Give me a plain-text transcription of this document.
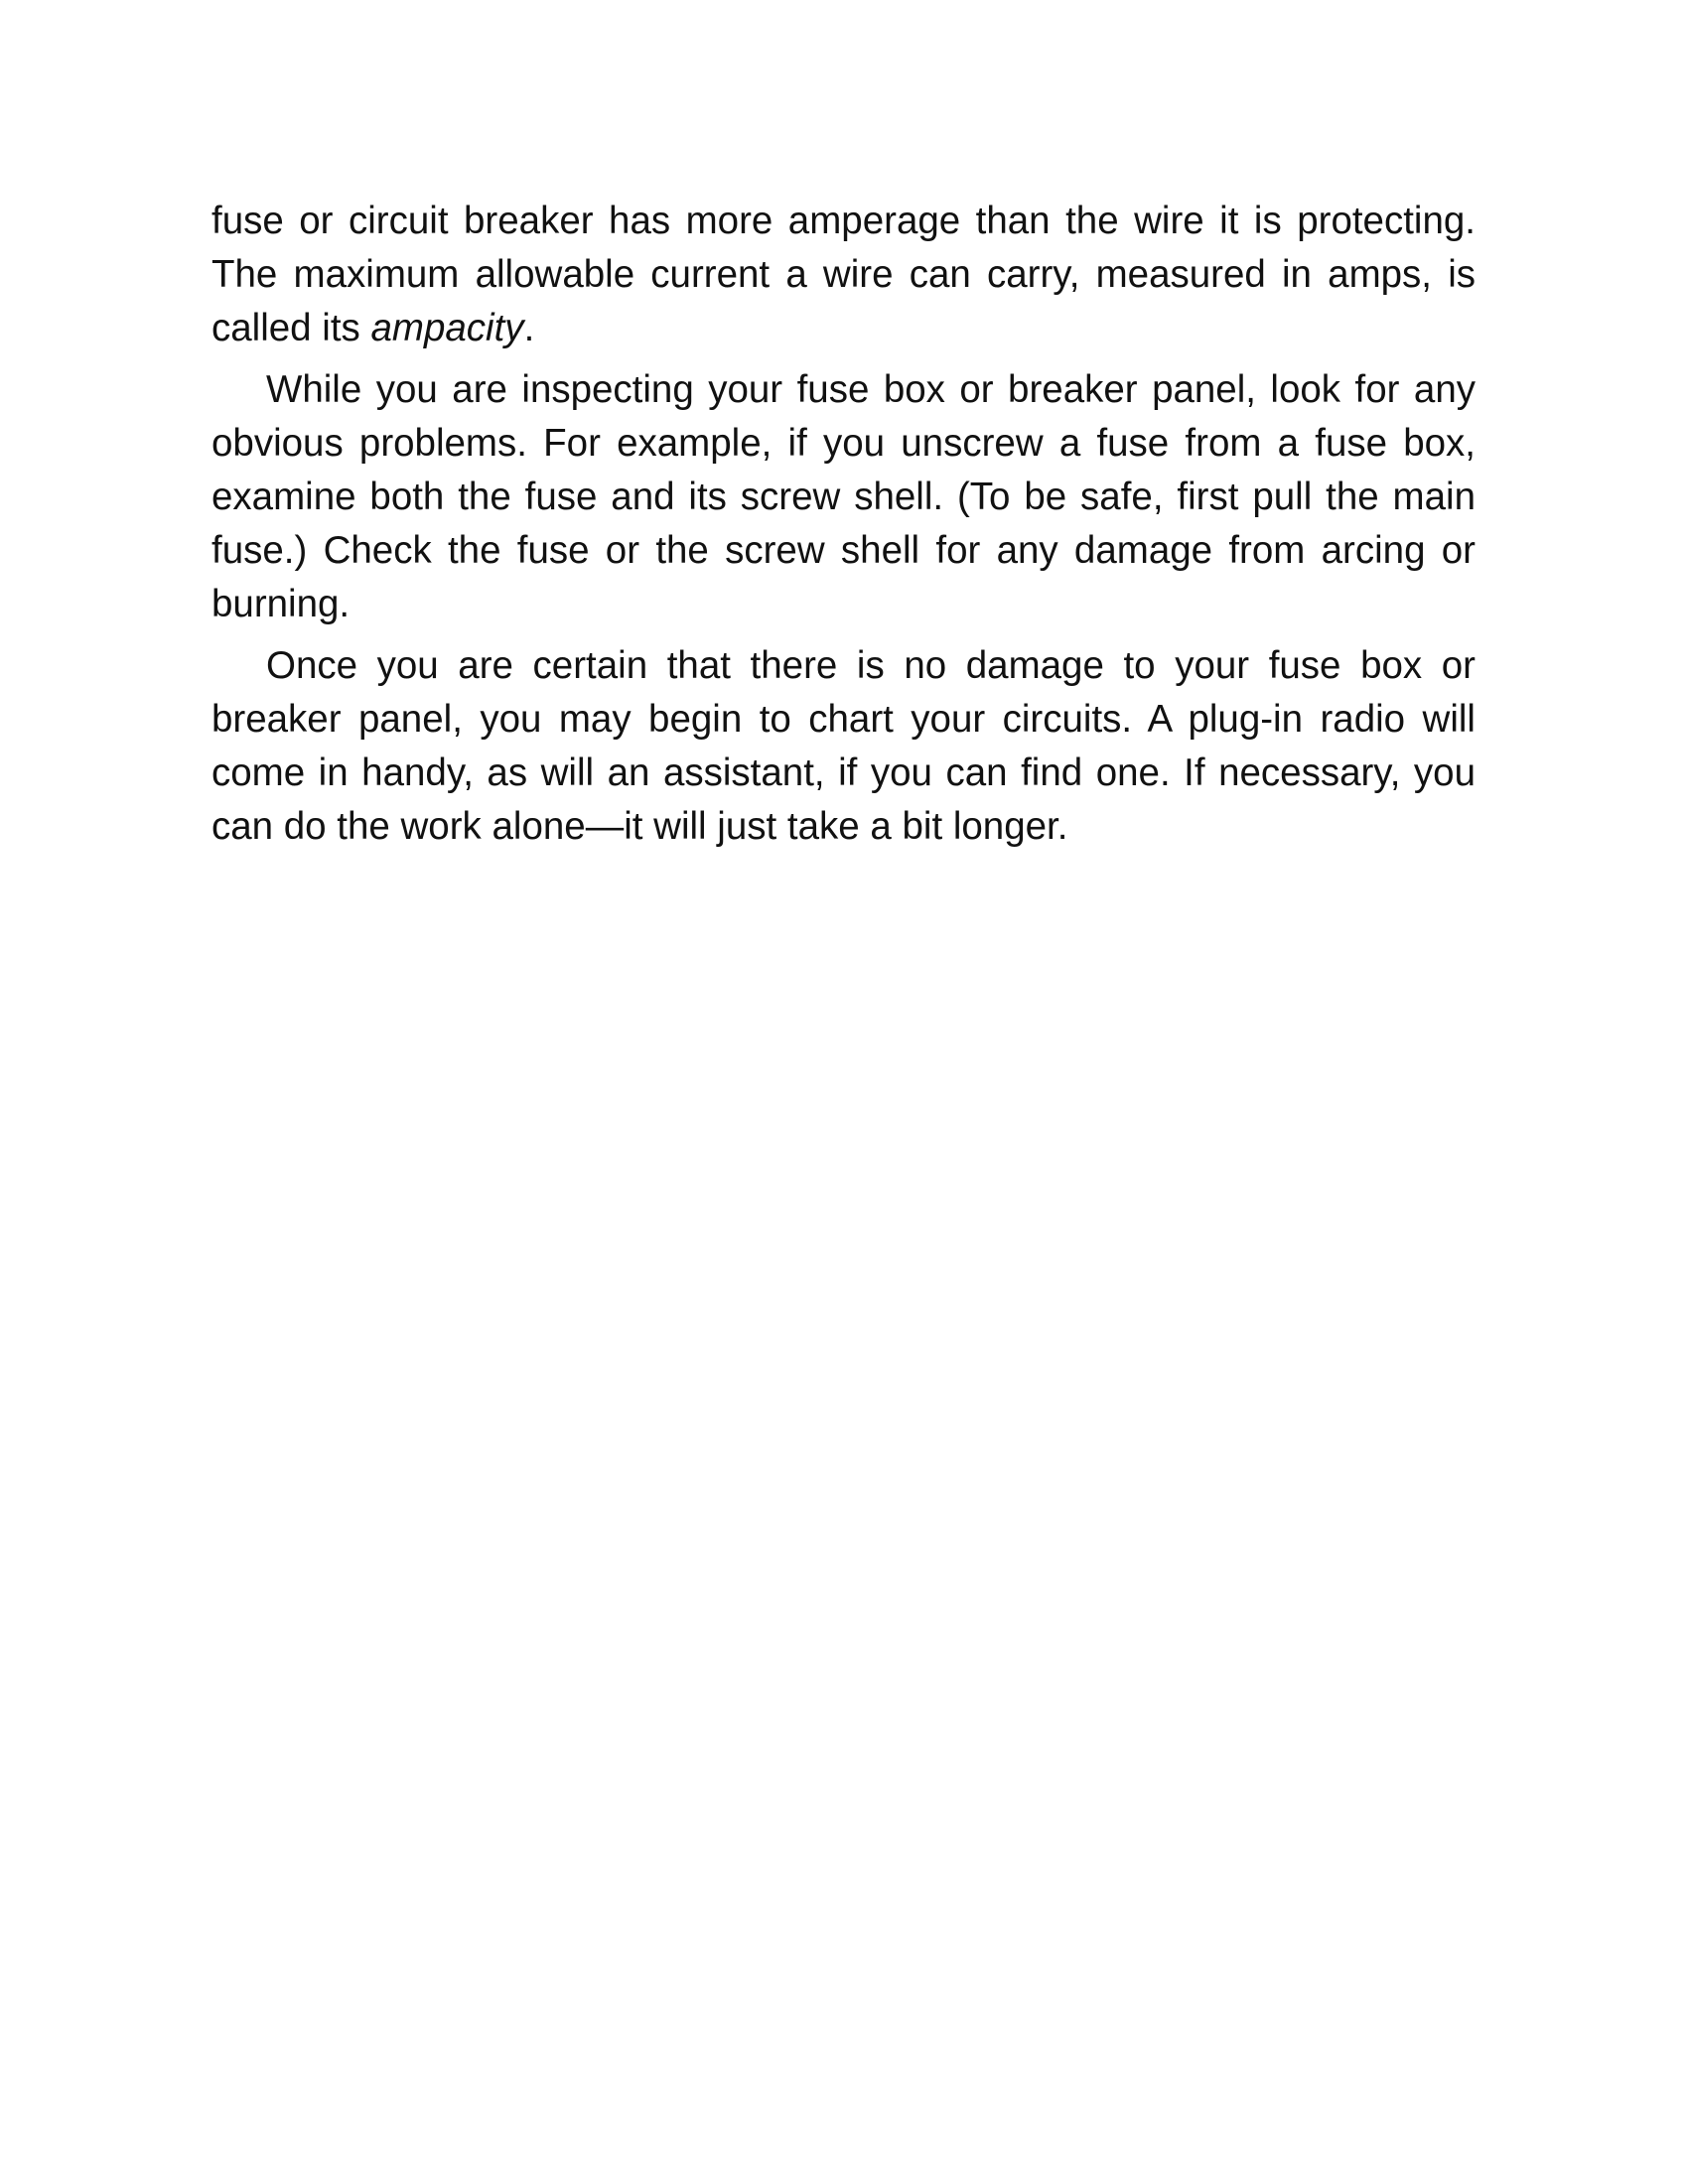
fuse or circuit breaker has more amperage than the wire it is protecting. The maximum allowable current a wire can carry, measured in amps, is called its ampacity.

While you are inspecting your fuse box or breaker panel, look for any obvious problems. For example, if you unscrew a fuse from a fuse box, examine both the fuse and its screw shell. (To be safe, first pull the main fuse.) Check the fuse or the screw shell for any damage from arcing or burning.

Once you are certain that there is no damage to your fuse box or breaker panel, you may begin to chart your circuits. A plug-in radio will come in handy, as will an assistant, if you can find one. If necessary, you can do the work alone—it will just take a bit longer.
